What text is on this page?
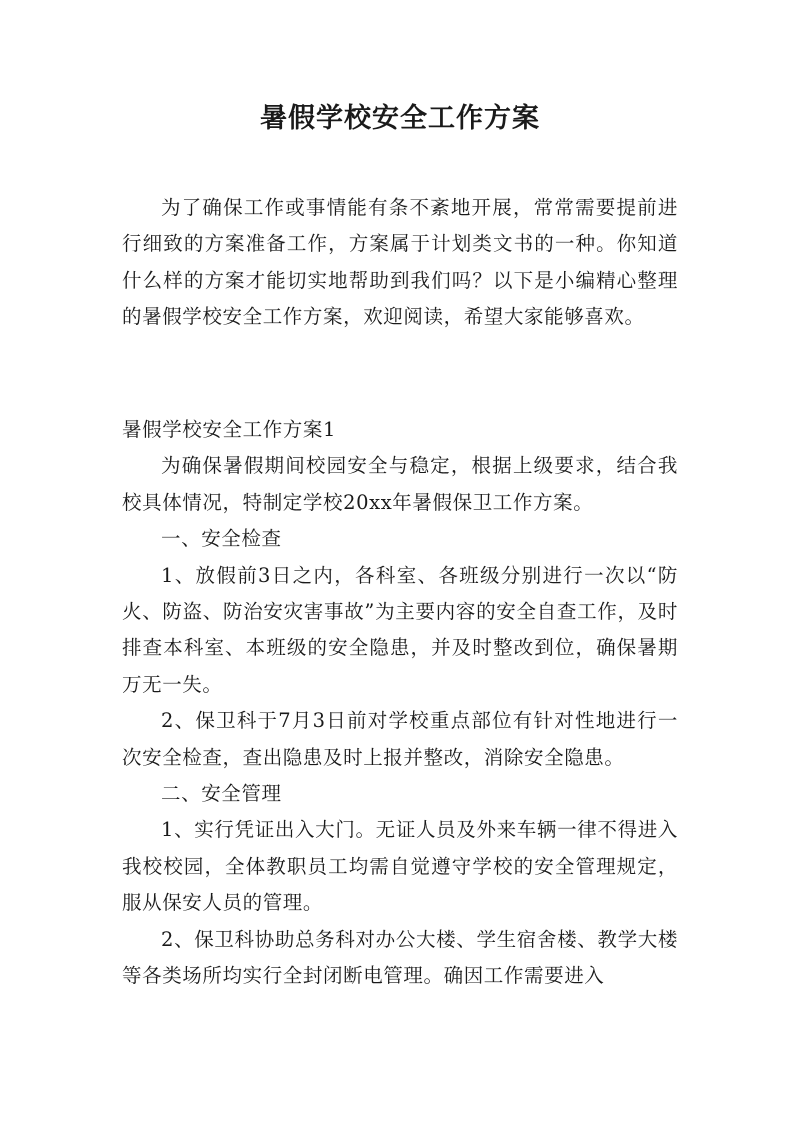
暑假学校安全工作方案

为了确保工作或事情能有条不紊地开展，常常需要提前进行细致的方案准备工作，方案属于计划类文书的一种。你知道什么样的方案才能切实地帮助到我们吗？以下是小编精心整理的暑假学校安全工作方案，欢迎阅读，希望大家能够喜欢。

暑假学校安全工作方案1

为确保暑假期间校园安全与稳定，根据上级要求，结合我校具体情况，特制定学校20xx年暑假保卫工作方案。

一、安全检查

1、放假前3日之内，各科室、各班级分别进行一次以“防火、防盗、防治安灾害事故”为主要内容的安全自查工作，及时排查本科室、本班级的安全隐患，并及时整改到位，确保暑期万无一失。

2、保卫科于7月3日前对学校重点部位有针对性地进行一次安全检查，查出隐患及时上报并整改，消除安全隐患。

二、安全管理

1、实行凭证出入大门。无证人员及外来车辆一律不得进入我校校园，全体教职员工均需自觉遵守学校的安全管理规定，服从保安人员的管理。

2、保卫科协助总务科对办公大楼、学生宿舍楼、教学大楼等各类场所均实行全封闭断电管理。确因工作需要进入
